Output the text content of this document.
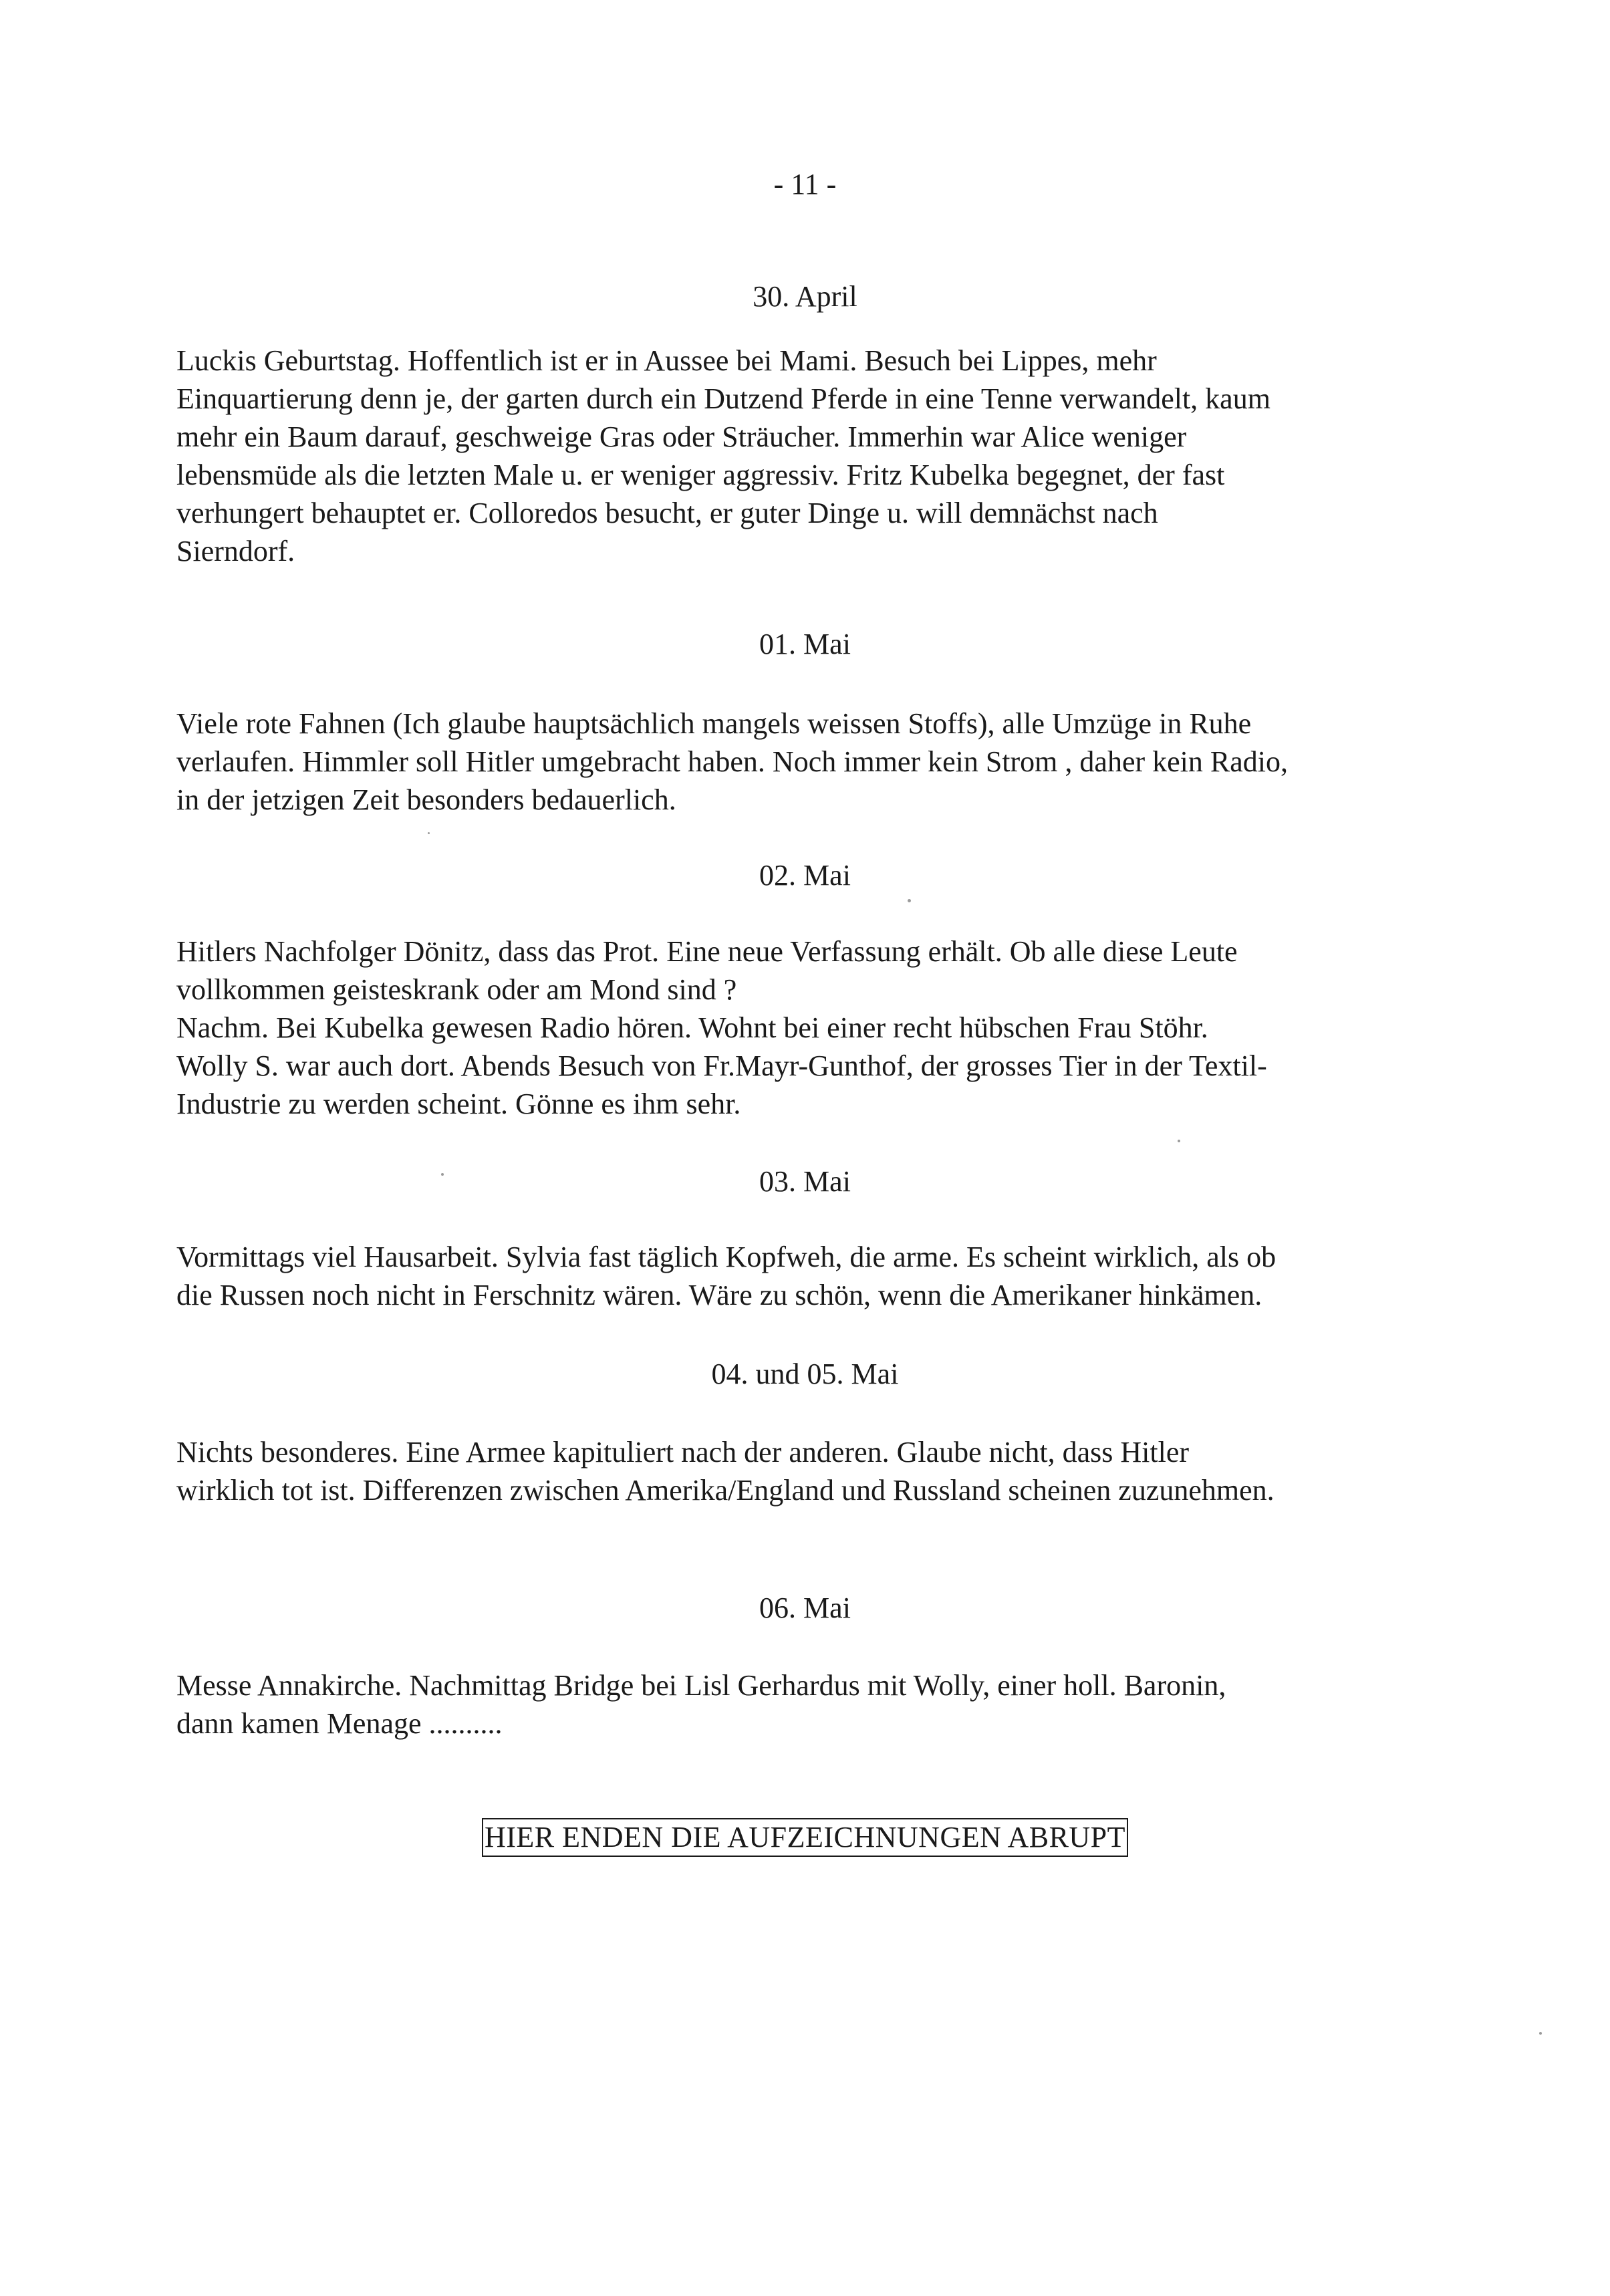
- 11 -
30. April
Luckis Geburtstag. Hoffentlich ist er in Aussee bei Mami. Besuch bei Lippes, mehr
Einquartierung denn je, der garten durch ein Dutzend Pferde in eine Tenne verwandelt, kaum
mehr ein Baum darauf, geschweige Gras oder Sträucher. Immerhin war Alice weniger
lebensmüde als die letzten Male u. er weniger aggressiv. Fritz Kubelka begegnet, der fast
verhungert behauptet er. Colloredos besucht, er guter Dinge u. will demnächst nach
Sierndorf.
01. Mai
Viele rote Fahnen (Ich glaube hauptsächlich mangels weissen Stoffs), alle Umzüge in Ruhe
verlaufen. Himmler soll Hitler umgebracht haben. Noch immer kein Strom , daher kein Radio,
in der jetzigen Zeit besonders bedauerlich.
02. Mai
Hitlers Nachfolger Dönitz, dass das Prot. Eine neue Verfassung erhält. Ob alle diese Leute
vollkommen geisteskrank oder am Mond sind ?
Nachm. Bei Kubelka gewesen Radio hören. Wohnt bei einer recht hübschen Frau Stöhr.
Wolly S. war auch dort. Abends Besuch von Fr.Mayr-Gunthof, der grosses Tier in der Textil-
Industrie zu werden scheint. Gönne es ihm sehr.
03. Mai
Vormittags viel Hausarbeit. Sylvia fast täglich Kopfweh, die arme. Es scheint wirklich, als ob
die Russen noch nicht in Ferschnitz wären. Wäre zu schön, wenn die Amerikaner hinkämen.
04. und 05. Mai
Nichts besonderes. Eine Armee kapituliert nach der anderen. Glaube nicht, dass Hitler
wirklich tot ist. Differenzen zwischen Amerika/England und Russland scheinen zuzunehmen.
06. Mai
Messe Annakirche. Nachmittag Bridge bei Lisl Gerhardus mit Wolly, einer holl. Baronin,
dann kamen Menage ..........
HIER ENDEN DIE AUFZEICHNUNGEN ABRUPT
